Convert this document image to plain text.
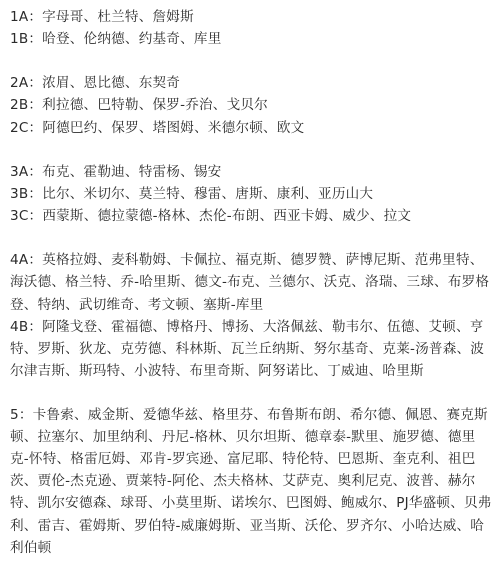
1A：字母哥、杜兰特、詹姆斯
1B：哈登、伦纳德、约基奇、库里
2A：浓眉、恩比德、东契奇
2B：利拉德、巴特勒、保罗-乔治、戈贝尔
2C：阿德巴约、保罗、塔图姆、米德尔顿、欧文
3A：布克、霍勒迪、特雷杨、锡安
3B：比尔、米切尔、莫兰特、穆雷、唐斯、康利、亚历山大
3C：西蒙斯、德拉蒙德-格林、杰伦-布朗、西亚卡姆、威少、拉文
4A：英格拉姆、麦科勒姆、卡佩拉、福克斯、德罗赞、萨博尼斯、范弗里特、海沃德、格兰特、乔-哈里斯、德文-布克、兰德尔、沃克、洛瑞、三球、布罗格登、特纳、武切维奇、考文顿、塞斯-库里
4B：阿隆戈登、霍福德、博格丹、博扬、大洛佩兹、勒韦尔、伍德、艾顿、亨特、罗斯、狄龙、克劳德、科林斯、瓦兰丘纳斯、努尔基奇、克莱-汤普森、波尔津吉斯、斯玛特、小波特、布里奇斯、阿努诺比、丁威迪、哈里斯
5：卡鲁索、威金斯、爱德华兹、格里芬、布鲁斯布朗、希尔德、佩恩、赛克斯顿、拉塞尔、加里纳利、丹尼-格林、贝尔坦斯、德章泰-默里、施罗德、德里克-怀特、格雷厄姆、邓肯-罗宾逊、富尼耶、特伦特、巴恩斯、奎克利、祖巴茨、贾伦-杰克逊、贾莱特-阿伦、杰夫格林、艾萨克、奥利尼克、波普、赫尔特、凯尔安德森、球哥、小莫里斯、诺埃尔、巴图姆、鲍威尔、PJ华盛顿、贝弗利、雷吉、霍姆斯、罗伯特-威廉姆斯、亚当斯、沃伦、罗齐尔、小哈达威、哈利伯顿
